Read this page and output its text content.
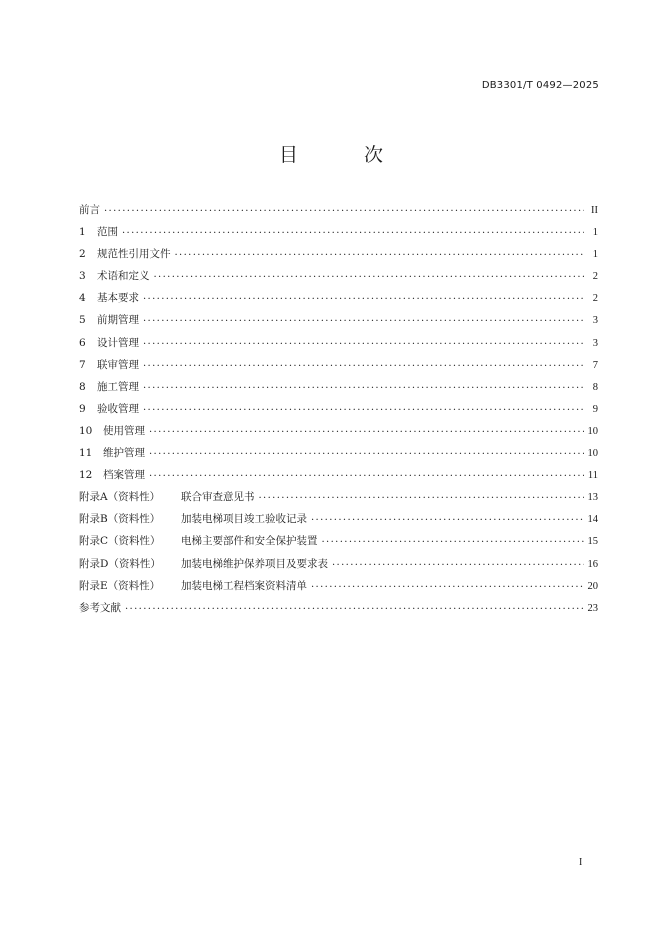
DB3301/T 0492—2025
目 次
前言 . . .	II
1	范围 . . .	1
2	规范性引用文件 . . .	1
3	术语和定义 . . .	2
4	基本要求 . . .	2
5	前期管理 . . .	3
6	设计管理 . . .	3
7	联审管理 . . .	7
8	施工管理 . . .	8
9	验收管理 . . .	9
10	使用管理 . . .	10
11	维护管理 . . .	10
12	档案管理 . . .	11
附录A（资料性）	联合审查意见书 . . .	13
附录B（资料性）	加装电梯项目竣工验收记录 . . .	14
附录C（资料性）	电梯主要部件和安全保护装置 . . .	15
附录D（资料性）	加装电梯维护保养项目及要求表 . . .	16
附录E（资料性）	加装电梯工程档案资料清单 . . .	20
参考文献 . . .	23
I
